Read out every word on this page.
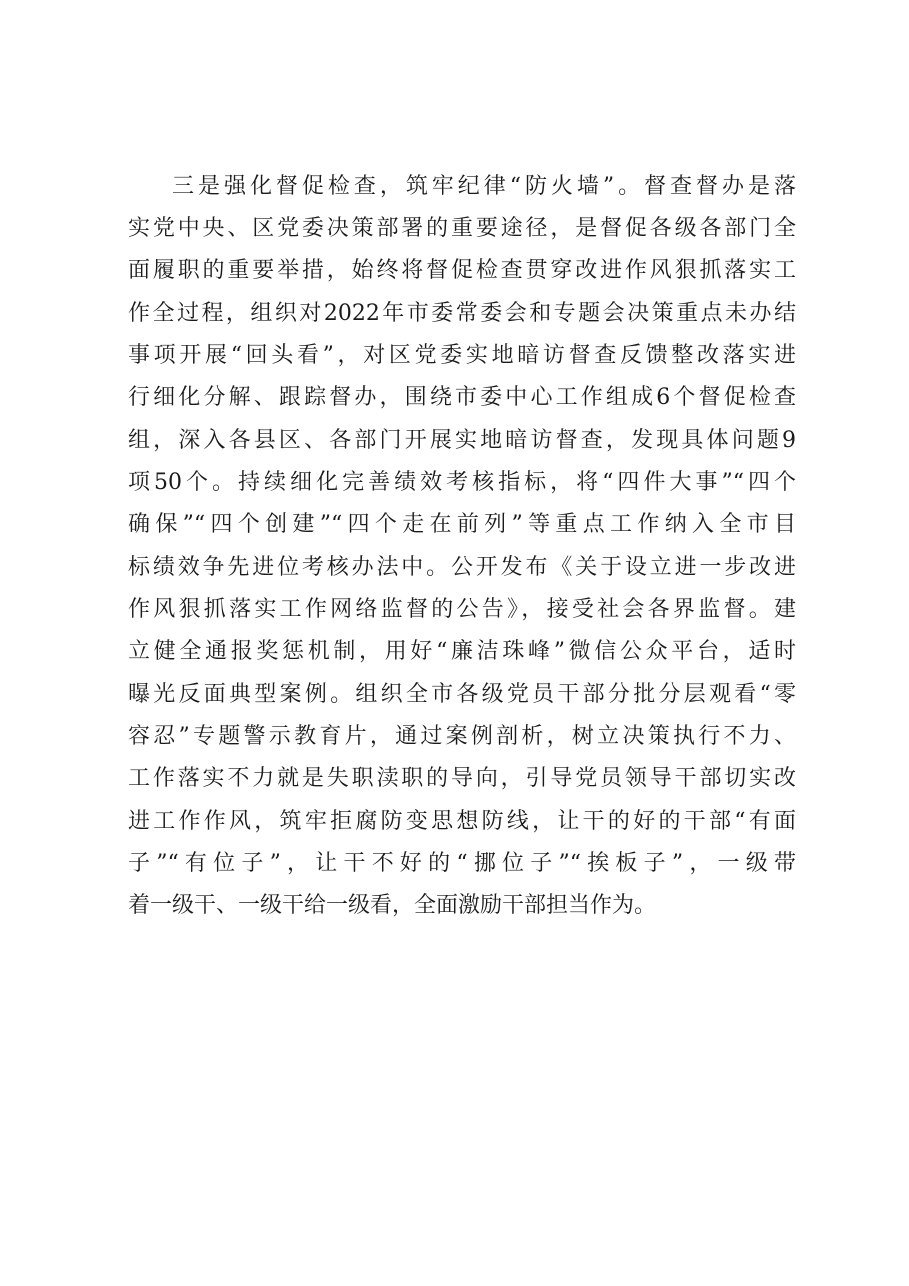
三是强化督促检查，筑牢纪律“防火墙”。督查督办是落
实党中央、区党委决策部署的重要途径，是督促各级各部门全
面履职的重要举措，始终将督促检查贯穿改进作风狠抓落实工
作全过程，组织对2022年市委常委会和专题会决策重点未办结
事项开展“回头看”，对区党委实地暗访督查反馈整改落实进
行细化分解、跟踪督办，围绕市委中心工作组成6个督促检查
组，深入各县区、各部门开展实地暗访督查，发现具体问题9
项50个。持续细化完善绩效考核指标，将“四件大事”“四个
确保”“四个创建”“四个走在前列”等重点工作纳入全市目
标绩效争先进位考核办法中。公开发布《关于设立进一步改进
作风狠抓落实工作网络监督的公告》，接受社会各界监督。建
立健全通报奖惩机制，用好“廉洁珠峰”微信公众平台，适时
曝光反面典型案例。组织全市各级党员干部分批分层观看“零
容忍”专题警示教育片，通过案例剖析，树立决策执行不力、
工作落实不力就是失职渎职的导向，引导党员领导干部切实改
进工作作风，筑牢拒腐防变思想防线，让干的好的干部“有面
子”“有位子”，让干不好的“挪位子”“挨板子”，一级带
着一级干、一级干给一级看，全面激励干部担当作为。
